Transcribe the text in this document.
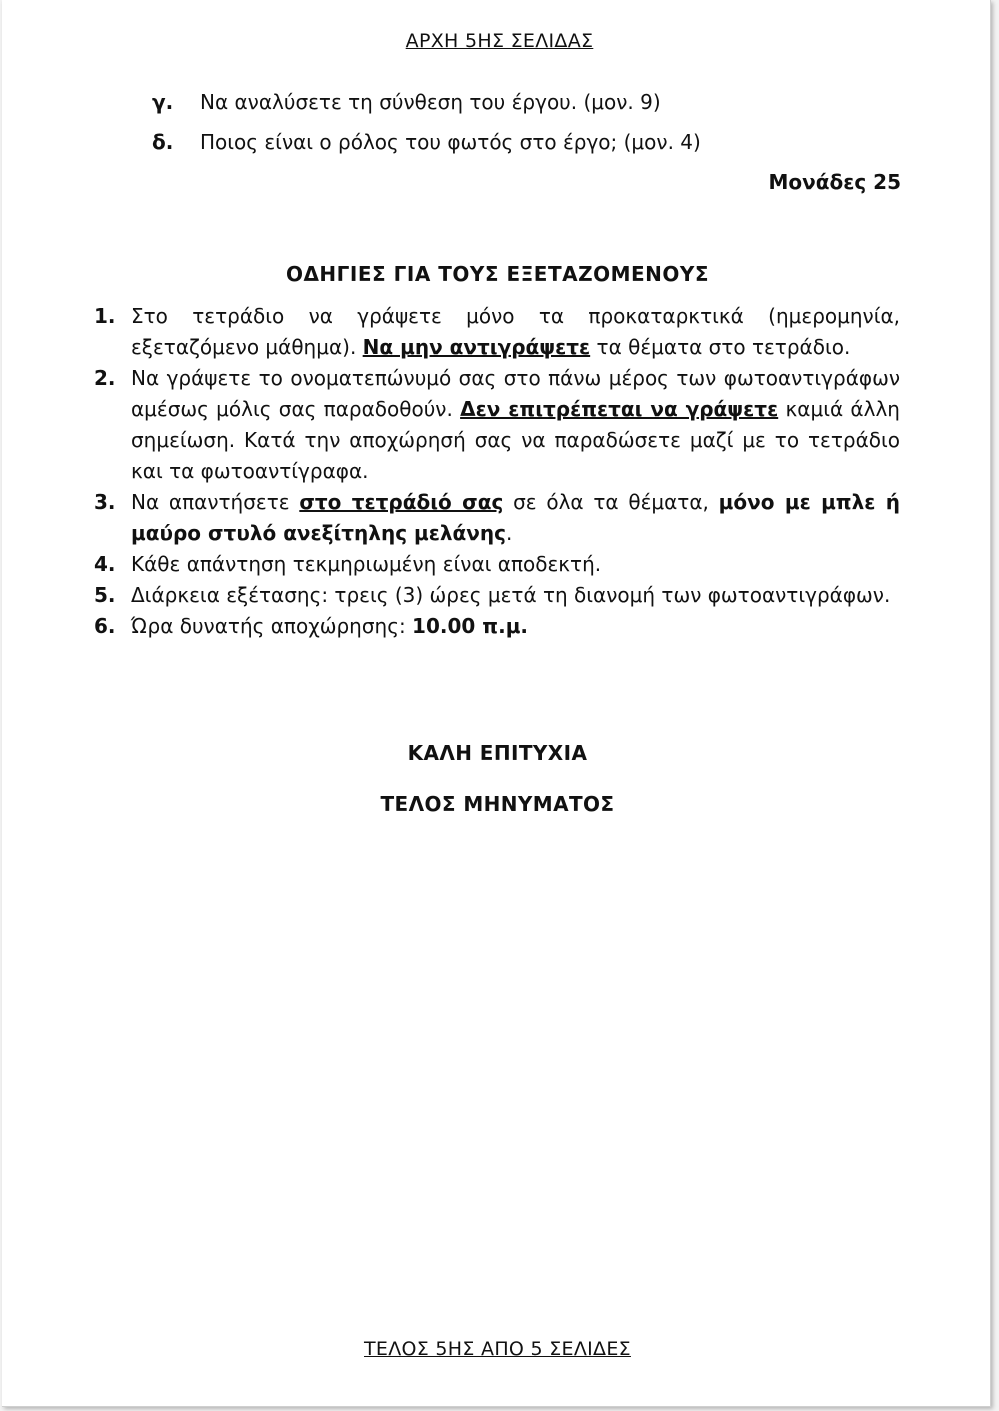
ΑΡΧΗ 5ΗΣ ΣΕΛΙΔΑΣ
γ. Να αναλύσετε τη σύνθεση του έργου. (μον. 9)
δ. Ποιος είναι ο ρόλος του φωτός στο έργο; (μον. 4)
Μονάδες 25
ΟΔΗΓΙΕΣ ΓΙΑ ΤΟΥΣ ΕΞΕΤΑΖΟΜΕΝΟΥΣ
1. Στο τετράδιο να γράψετε μόνο τα προκαταρκτικά (ημερομηνία, εξεταζόμενο μάθημα). Να μην αντιγράψετε τα θέματα στο τετράδιο.
2. Να γράψετε το ονοματεπώνυμό σας στο πάνω μέρος των φωτοαντιγράφων αμέσως μόλις σας παραδοθούν. Δεν επιτρέπεται να γράψετε καμιά άλλη σημείωση. Κατά την αποχώρησή σας να παραδώσετε μαζί με το τετράδιο και τα φωτοαντίγραφα.
3. Να απαντήσετε στο τετράδιό σας σε όλα τα θέματα, μόνο με μπλε ή μαύρο στυλό ανεξίτηλης μελάνης.
4. Κάθε απάντηση τεκμηριωμένη είναι αποδεκτή.
5. Διάρκεια εξέτασης: τρεις (3) ώρες μετά τη διανομή των φωτοαντιγράφων.
6. Ώρα δυνατής αποχώρησης: 10.00 π.μ.
ΚΑΛΗ ΕΠΙΤΥΧΙΑ
ΤΕΛΟΣ ΜΗΝΥΜΑΤΟΣ
ΤΕΛΟΣ 5ΗΣ ΑΠΟ 5 ΣΕΛΙΔΕΣ
